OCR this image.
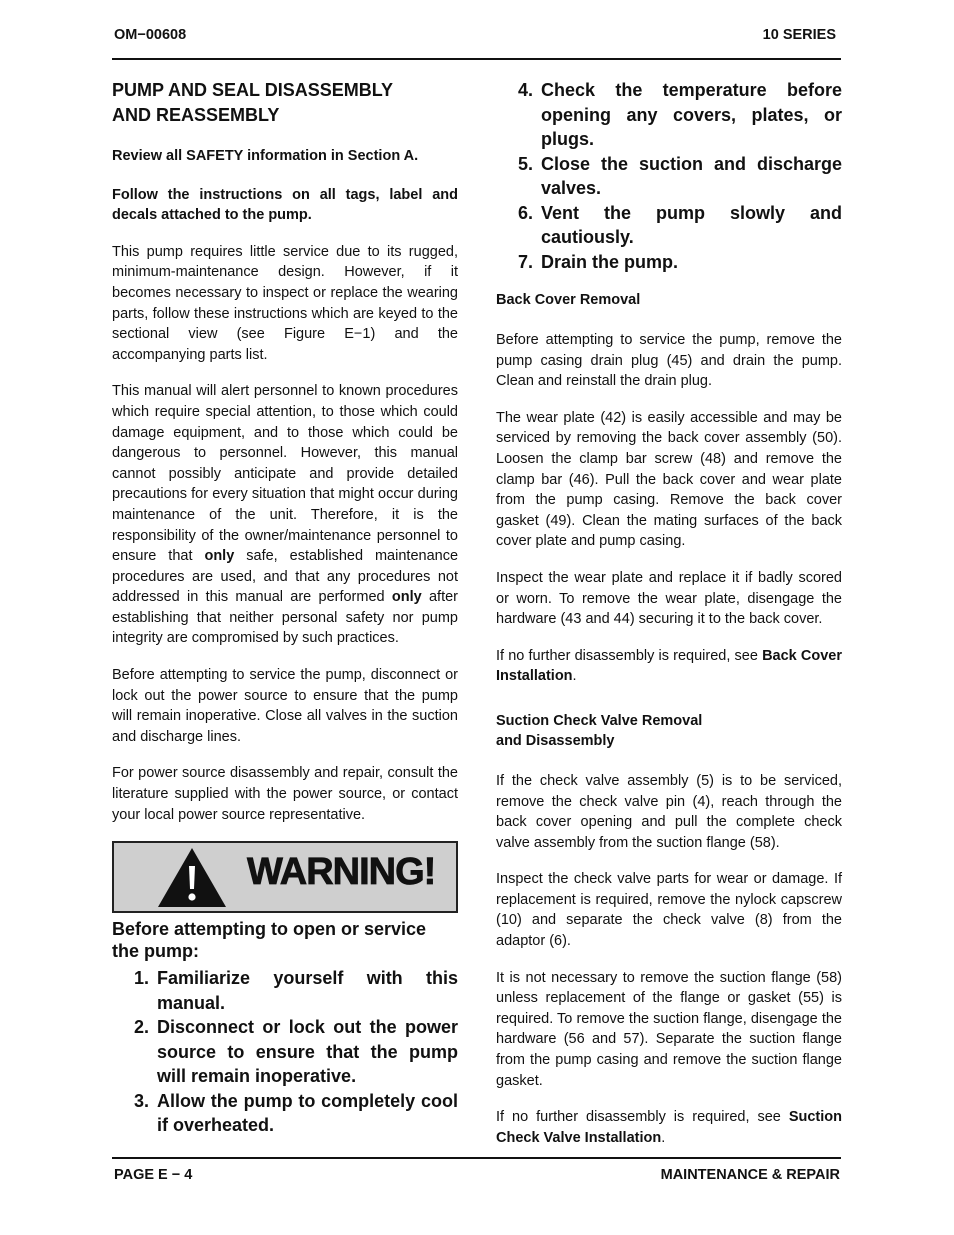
OM−00608	10 SERIES
PUMP AND SEAL DISASSEMBLY
AND REASSEMBLY

Review all SAFETY information in Section A.

Follow the instructions on all tags, label and decals attached to the pump.

This pump requires little service due to its rugged, minimum-maintenance design. However, if it becomes necessary to inspect or replace the wearing parts, follow these instructions which are keyed to the sectional view (see Figure E−1) and the accompanying parts list.

This manual will alert personnel to known procedures which require special attention, to those which could damage equipment, and to those which could be dangerous to personnel. However, this manual cannot possibly anticipate and provide detailed precautions for every situation that might occur during maintenance of the unit. Therefore, it is the responsibility of the owner/maintenance personnel to ensure that only safe, established maintenance procedures are used, and that any procedures not addressed in this manual are performed only after establishing that neither personal safety nor pump integrity are compromised by such practices.

Before attempting to service the pump, disconnect or lock out the power source to ensure that the pump will remain inoperative. Close all valves in the suction and discharge lines.

For power source disassembly and repair, consult the literature supplied with the power source, or contact your local power source representative.

WARNING!
Before attempting to open or service the pump:
1. Familiarize yourself with this manual.
2. Disconnect or lock out the power source to ensure that the pump will remain inoperative.
3. Allow the pump to completely cool if overheated.
4. Check the temperature before opening any covers, plates, or plugs.
5. Close the suction and discharge valves.
6. Vent the pump slowly and cautiously.
7. Drain the pump.
Back Cover Removal

Before attempting to service the pump, remove the pump casing drain plug (45) and drain the pump. Clean and reinstall the drain plug.

The wear plate (42) is easily accessible and may be serviced by removing the back cover assembly (50). Loosen the clamp bar screw (48) and remove the clamp bar (46). Pull the back cover and wear plate from the pump casing. Remove the back cover gasket (49). Clean the mating surfaces of the back cover plate and pump casing.

Inspect the wear plate and replace it if badly scored or worn. To remove the wear plate, disengage the hardware (43 and 44) securing it to the back cover.

If no further disassembly is required, see Back Cover Installation.

Suction Check Valve Removal
and Disassembly

If the check valve assembly (5) is to be serviced, remove the check valve pin (4), reach through the back cover opening and pull the complete check valve assembly from the suction flange (58).

Inspect the check valve parts for wear or damage. If replacement is required, remove the nylock capscrew (10) and separate the check valve (8) from the adaptor (6).

It is not necessary to remove the suction flange (58) unless replacement of the flange or gasket (55) is required. To remove the suction flange, disengage the hardware (56 and 57). Separate the suction flange from the pump casing and remove the suction flange gasket.

If no further disassembly is required, see Suction Check Valve Installation.

PAGE E − 4	MAINTENANCE & REPAIR
